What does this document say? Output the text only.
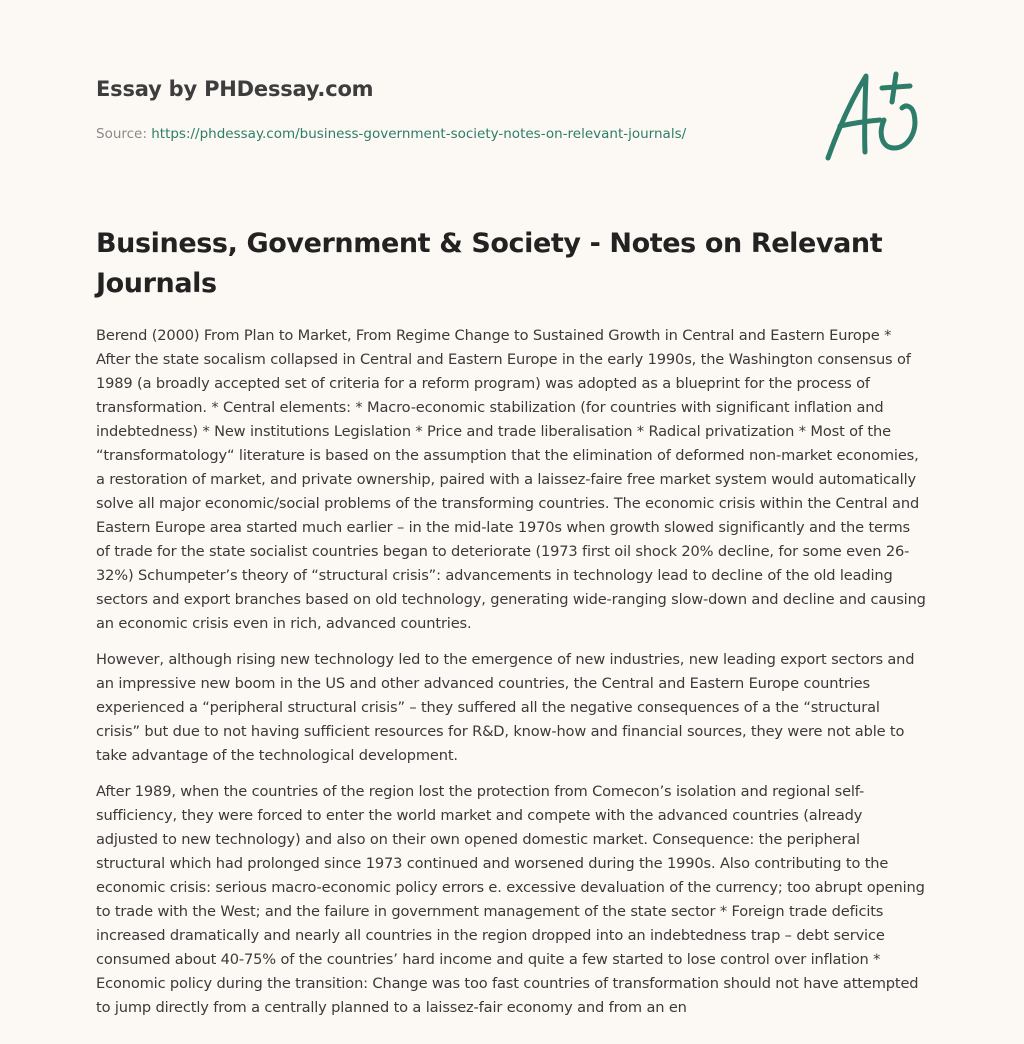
Essay by PHDessay.com
Source: https://phdessay.com/business-government-society-notes-on-relevant-journals/
Business, Government & Society - Notes on Relevant Journals

Berend (2000) From Plan to Market, From Regime Change to Sustained Growth in Central and Eastern Europe * After the state socalism collapsed in Central and Eastern Europe in the early 1990s, the Washington consensus of 1989 (a broadly accepted set of criteria for a reform program) was adopted as a blueprint for the process of transformation. * Central elements: * Macro-economic stabilization (for countries with significant inflation and indebtedness) * New institutions Legislation * Price and trade liberalisation * Radical privatization * Most of the “transformatology“ literature is based on the assumption that the elimination of deformed non-market economies, a restoration of market, and private ownership, paired with a laissez-faire free market system would automatically solve all major economic/social problems of the transforming countries. The economic crisis within the Central and Eastern Europe area started much earlier – in the mid-late 1970s when growth slowed significantly and the terms of trade for the state socialist countries began to deteriorate (1973 first oil shock 20% decline, for some even 26-32%) Schumpeter’s theory of “structural crisis”: advancements in technology lead to decline of the old leading sectors and export branches based on old technology, generating wide-ranging slow-down and decline and causing an economic crisis even in rich, advanced countries.

However, although rising new technology led to the emergence of new industries, new leading export sectors and an impressive new boom in the US and other advanced countries, the Central and Eastern Europe countries experienced a “peripheral structural crisis” – they suffered all the negative consequences of a the “structural crisis” but due to not having sufficient resources for R&D, know-how and financial sources, they were not able to take advantage of the technological development.

After 1989, when the countries of the region lost the protection from Comecon’s isolation and regional self-sufficiency, they were forced to enter the world market and compete with the advanced countries (already adjusted to new technology) and also on their own opened domestic market. Consequence: the peripheral structural which had prolonged since 1973 continued and worsened during the 1990s. Also contributing to the economic crisis: serious macro-economic policy errors e. excessive devaluation of the currency; too abrupt opening to trade with the West; and the failure in government management of the state sector * Foreign trade deficits increased dramatically and nearly all countries in the region dropped into an indebtedness trap – debt service consumed about 40-75% of the countries’ hard income and quite a few started to lose control over inflation * Economic policy during the transition: Change was too fast countries of transformation should not have attempted to jump directly from a centrally planned to a laissez-fair economy and from an en
